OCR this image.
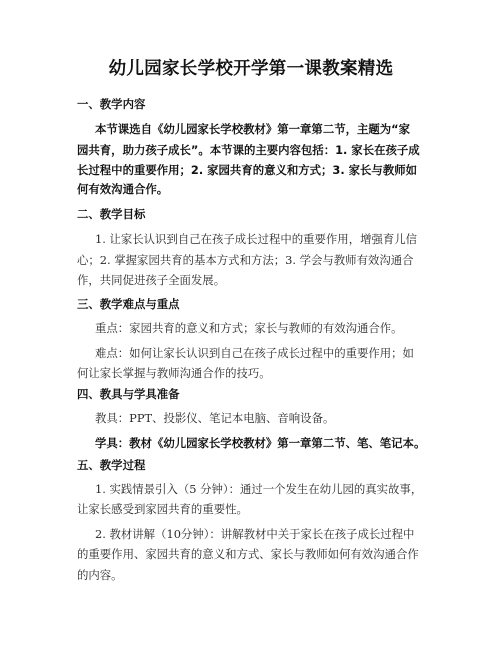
幼儿园家长学校开学第一课教案精选
一、教学内容
本节课选自《幼儿园家长学校教材》第一章第二节，主题为“家
园共育，助力孩子成长”。本节课的主要内容包括：1. 家长在孩子成
长过程中的重要作用；2. 家园共育的意义和方式；3. 家长与教师如
何有效沟通合作。
二、教学目标
1. 让家长认识到自己在孩子成长过程中的重要作用，增强育儿信
心；2. 掌握家园共育的基本方式和方法；3. 学会与教师有效沟通合
作，共同促进孩子全面发展。
三、教学难点与重点
重点：家园共育的意义和方式；家长与教师的有效沟通合作。
难点：如何让家长认识到自己在孩子成长过程中的重要作用；如
何让家长掌握与教师沟通合作的技巧。
四、教具与学具准备
教具：PPT、投影仪、笔记本电脑、音响设备。
学具：教材《幼儿园家长学校教材》第一章第二节、笔、笔记本。
五、教学过程
1. 实践情景引入（5 分钟）：通过一个发生在幼儿园的真实故事，
让家长感受到家园共育的重要性。
2. 教材讲解（10分钟）：讲解教材中关于家长在孩子成长过程中
的重要作用、家园共育的意义和方式、家长与教师如何有效沟通合作
的内容。
